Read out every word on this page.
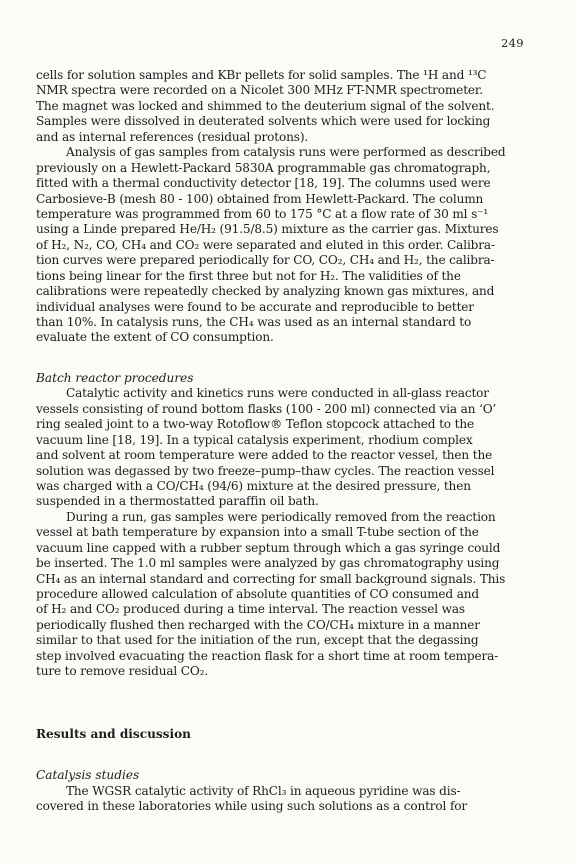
249
cells for solution samples and KBr pellets for solid samples. The ¹H and ¹³C
NMR spectra were recorded on a Nicolet 300 MHz FT-NMR spectrometer.
The magnet was locked and shimmed to the deuterium signal of the solvent.
Samples were dissolved in deuterated solvents which were used for locking
and as internal references (residual protons).
Analysis of gas samples from catalysis runs were performed as described
previously on a Hewlett-Packard 5830A programmable gas chromatograph,
fitted with a thermal conductivity detector [18, 19]. The columns used were
Carbosieve-B (mesh 80 - 100) obtained from Hewlett-Packard. The column
temperature was programmed from 60 to 175 °C at a flow rate of 30 ml s⁻¹
using a Linde prepared He/H₂ (91.5/8.5) mixture as the carrier gas. Mixtures
of H₂, N₂, CO, CH₄ and CO₂ were separated and eluted in this order. Calibra-
tion curves were prepared periodically for CO, CO₂, CH₄ and H₂, the calibra-
tions being linear for the first three but not for H₂. The validities of the
calibrations were repeatedly checked by analyzing known gas mixtures, and
individual analyses were found to be accurate and reproducible to better
than 10%. In catalysis runs, the CH₄ was used as an internal standard to
evaluate the extent of CO consumption.
Batch reactor procedures
Catalytic activity and kinetics runs were conducted in all-glass reactor
vessels consisting of round bottom flasks (100 - 200 ml) connected via an ‘O’
ring sealed joint to a two-way Rotoflow® Teflon stopcock attached to the
vacuum line [18, 19]. In a typical catalysis experiment, rhodium complex
and solvent at room temperature were added to the reactor vessel, then the
solution was degassed by two freeze–pump–thaw cycles. The reaction vessel
was charged with a CO/CH₄ (94/6) mixture at the desired pressure, then
suspended in a thermostatted paraffin oil bath.
During a run, gas samples were periodically removed from the reaction
vessel at bath temperature by expansion into a small T-tube section of the
vacuum line capped with a rubber septum through which a gas syringe could
be inserted. The 1.0 ml samples were analyzed by gas chromatography using
CH₄ as an internal standard and correcting for small background signals. This
procedure allowed calculation of absolute quantities of CO consumed and
of H₂ and CO₂ produced during a time interval. The reaction vessel was
periodically flushed then recharged with the CO/CH₄ mixture in a manner
similar to that used for the initiation of the run, except that the degassing
step involved evacuating the reaction flask for a short time at room tempera-
ture to remove residual CO₂.
Results and discussion
Catalysis studies
The WGSR catalytic activity of RhCl₃ in aqueous pyridine was dis-
covered in these laboratories while using such solutions as a control for
